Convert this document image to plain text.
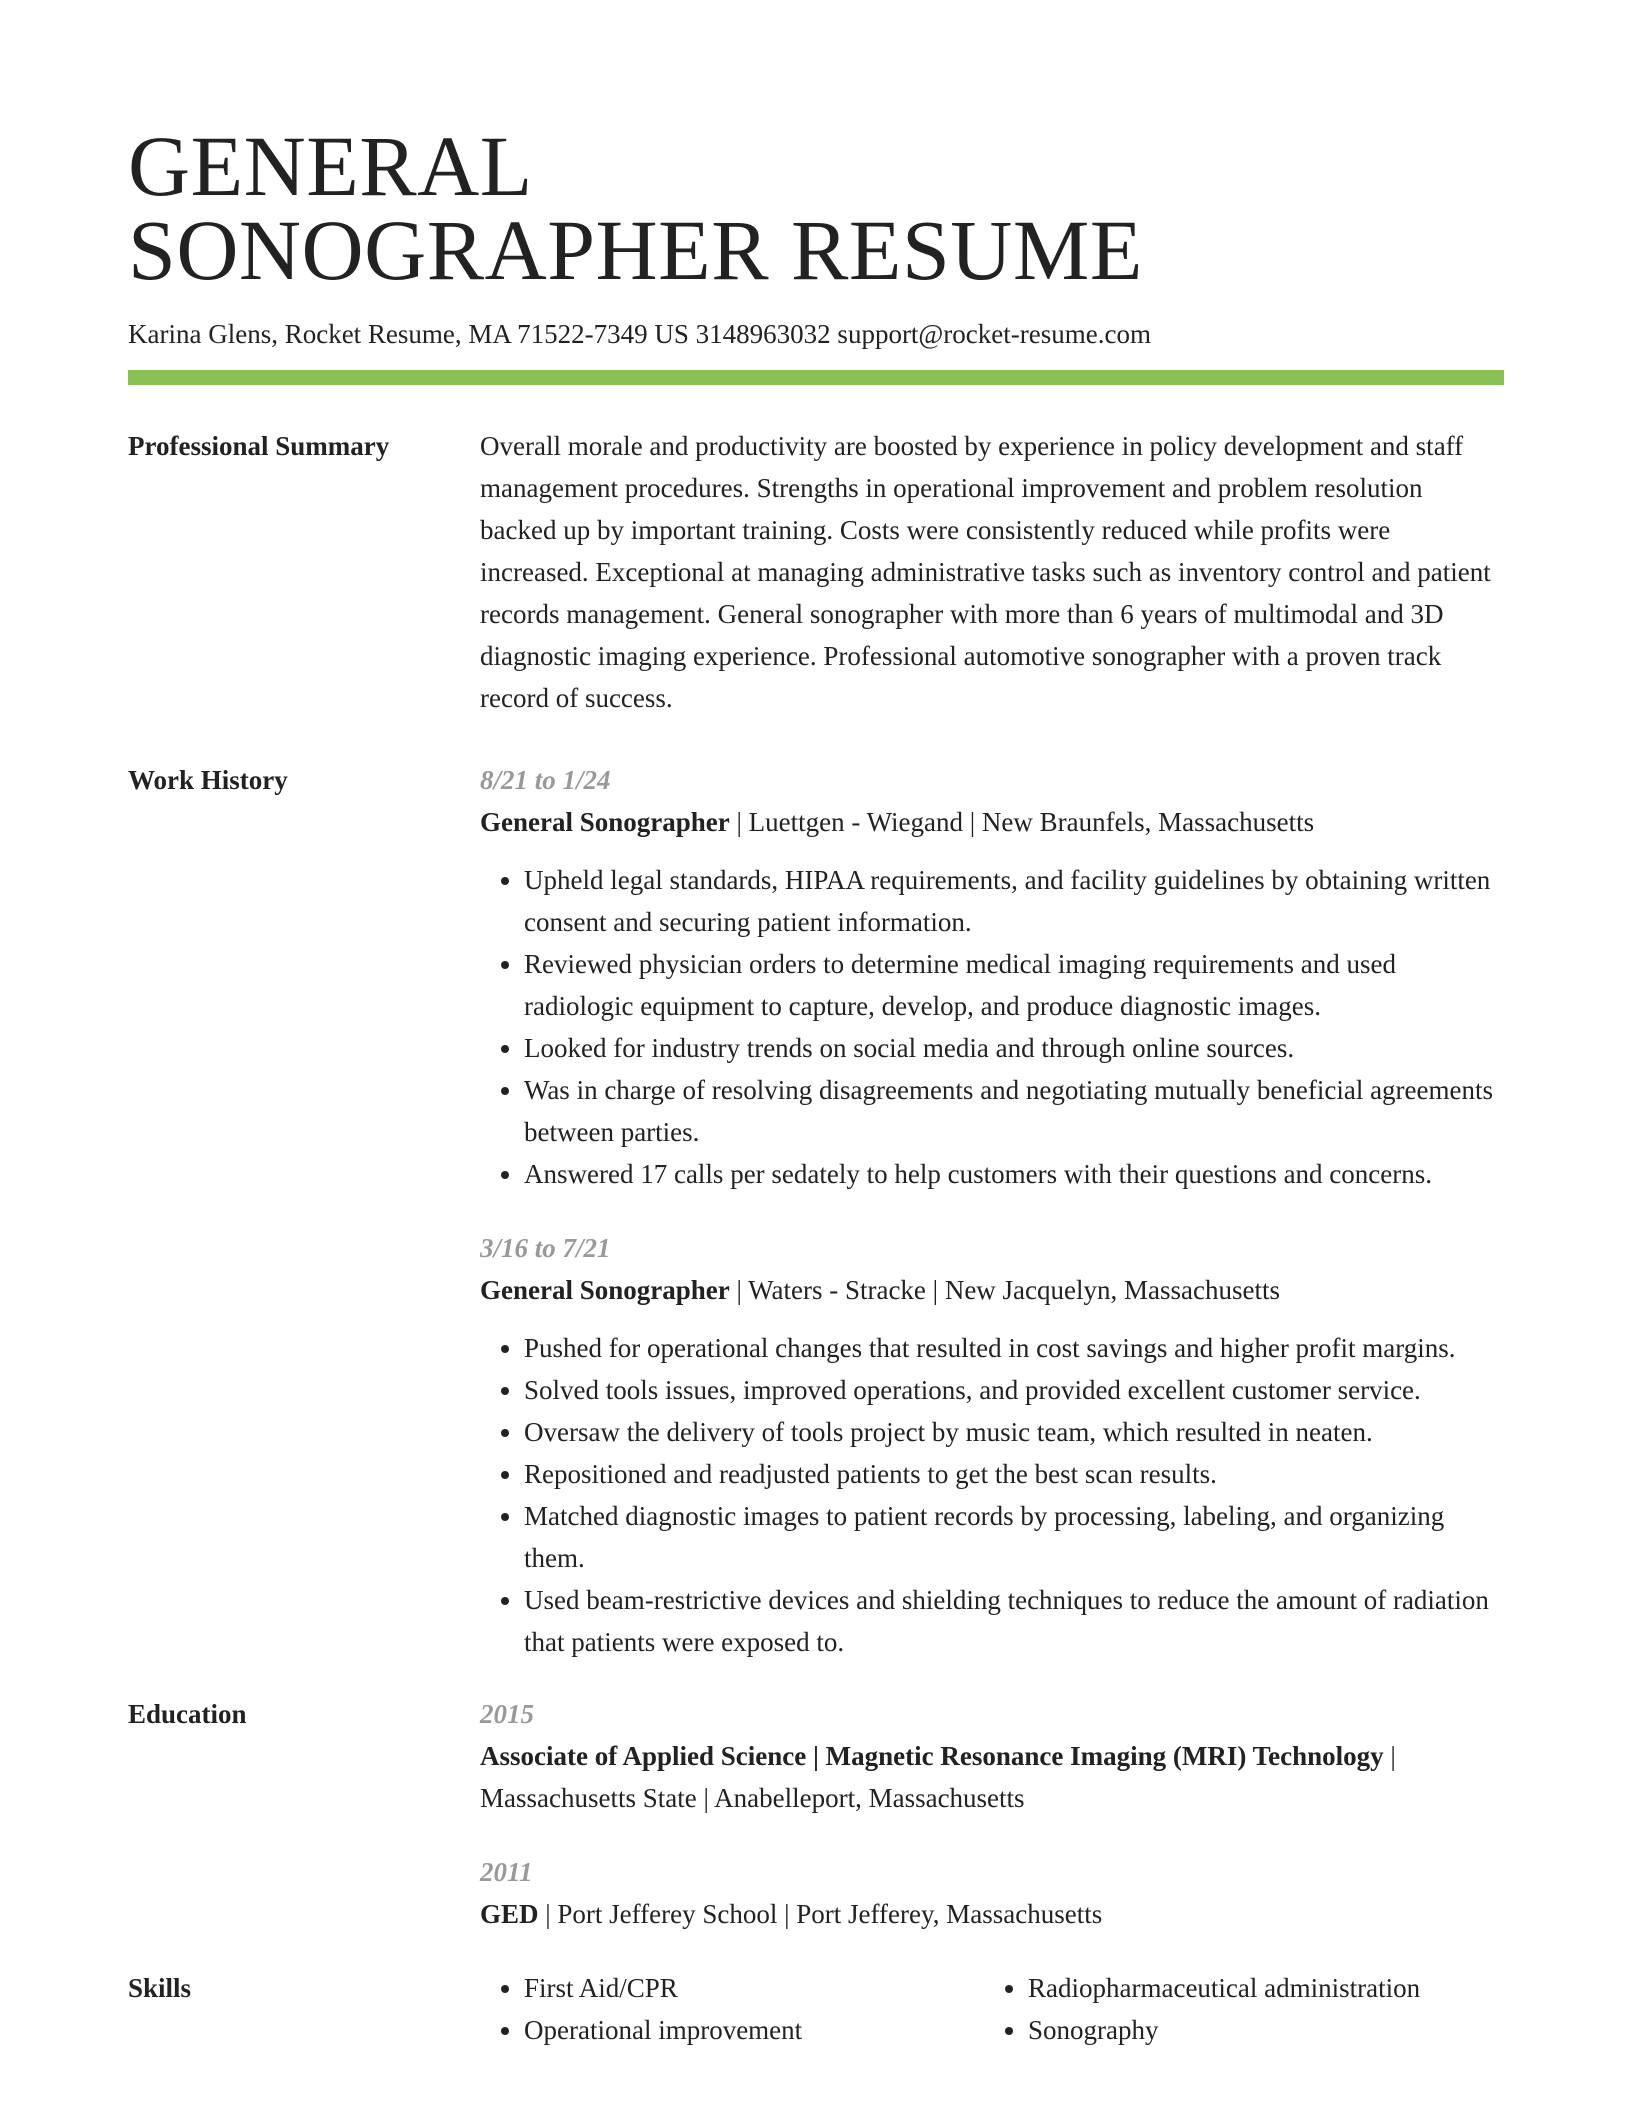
GENERAL
SONOGRAPHER RESUME
Karina Glens, Rocket Resume, MA 71522-7349 US 3148963032 support@rocket-resume.com
Professional Summary	Overall morale and productivity are boosted by experience in policy development and staff management procedures. Strengths in operational improvement and problem resolution backed up by important training. Costs were consistently reduced while profits were increased. Exceptional at managing administrative tasks such as inventory control and patient records management. General sonographer with more than 6 years of multimodal and 3D diagnostic imaging experience. Professional automotive sonographer with a proven track record of success.
Work History	8/21 to 1/24
General Sonographer | Luettgen - Wiegand | New Braunfels, Massachusetts
• Upheld legal standards, HIPAA requirements, and facility guidelines by obtaining written consent and securing patient information.
• Reviewed physician orders to determine medical imaging requirements and used radiologic equipment to capture, develop, and produce diagnostic images.
• Looked for industry trends on social media and through online sources.
• Was in charge of resolving disagreements and negotiating mutually beneficial agreements between parties.
• Answered 17 calls per sedately to help customers with their questions and concerns.
3/16 to 7/21
General Sonographer | Waters - Stracke | New Jacquelyn, Massachusetts
• Pushed for operational changes that resulted in cost savings and higher profit margins.
• Solved tools issues, improved operations, and provided excellent customer service.
• Oversaw the delivery of tools project by music team, which resulted in neaten.
• Repositioned and readjusted patients to get the best scan results.
• Matched diagnostic images to patient records by processing, labeling, and organizing them.
• Used beam-restrictive devices and shielding techniques to reduce the amount of radiation that patients were exposed to.
Education	2015
Associate of Applied Science | Magnetic Resonance Imaging (MRI) Technology | Massachusetts State | Anabelleport, Massachusetts
2011
GED | Port Jefferey School | Port Jefferey, Massachusetts
Skills
•	First Aid/CPR
• Operational improvement
• Radiopharmaceutical administration
• Sonography
